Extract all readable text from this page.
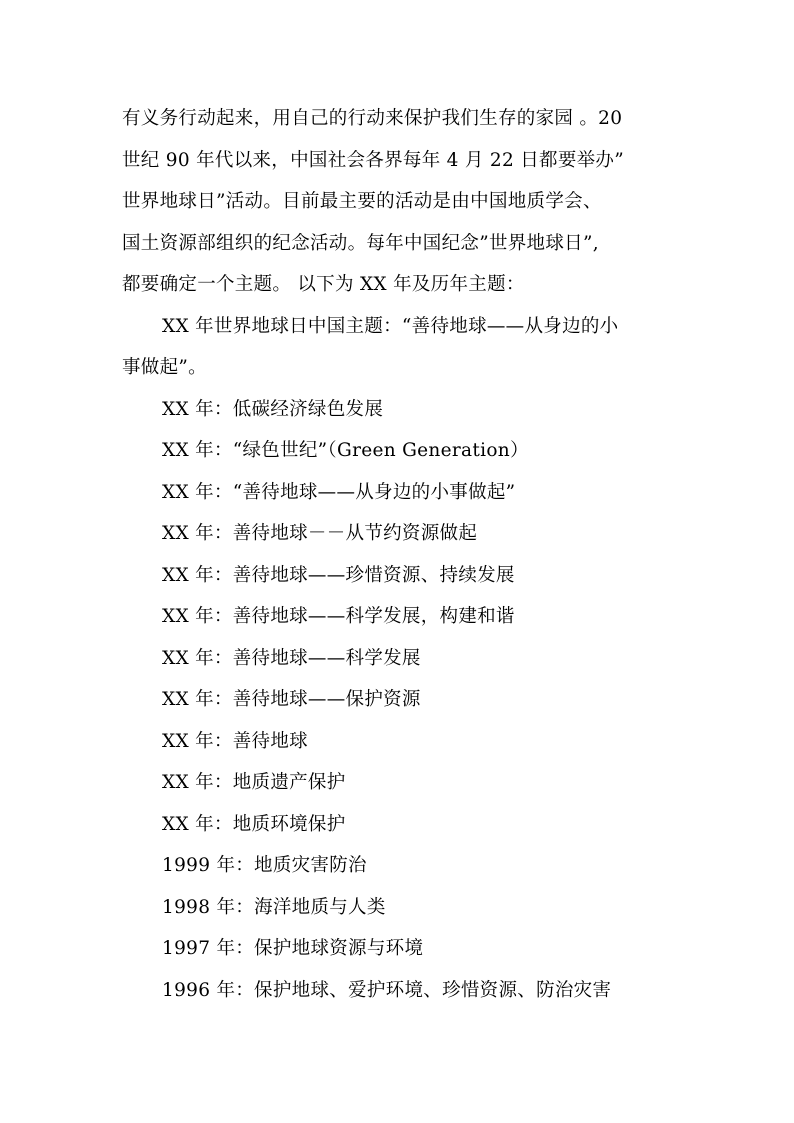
有义务行动起来，用自己的行动来保护我们生存的家园 。20
世纪 90 年代以来，中国社会各界每年 4 月 22 日都要举办”
世界地球日”活动。目前最主要的活动是由中国地质学会、
国土资源部组织的纪念活动。每年中国纪念”世界地球日”,
都要确定一个主题。 以下为 XX 年及历年主题：
XX 年世界地球日中国主题：“善待地球——从身边的小
事做起”。
XX 年：低碳经济绿色发展
XX 年：“绿色世纪”（Green Generation）
XX 年：“善待地球——从身边的小事做起”
XX 年：善待地球－－从节约资源做起
XX 年：善待地球——珍惜资源、持续发展
XX 年：善待地球——科学发展，构建和谐
XX 年：善待地球——科学发展
XX 年：善待地球——保护资源
XX 年：善待地球
XX 年：地质遗产保护
XX 年：地质环境保护
1999 年：地质灾害防治
1998 年：海洋地质与人类
1997 年：保护地球资源与环境
1996 年：保护地球、爱护环境、珍惜资源、防治灾害
